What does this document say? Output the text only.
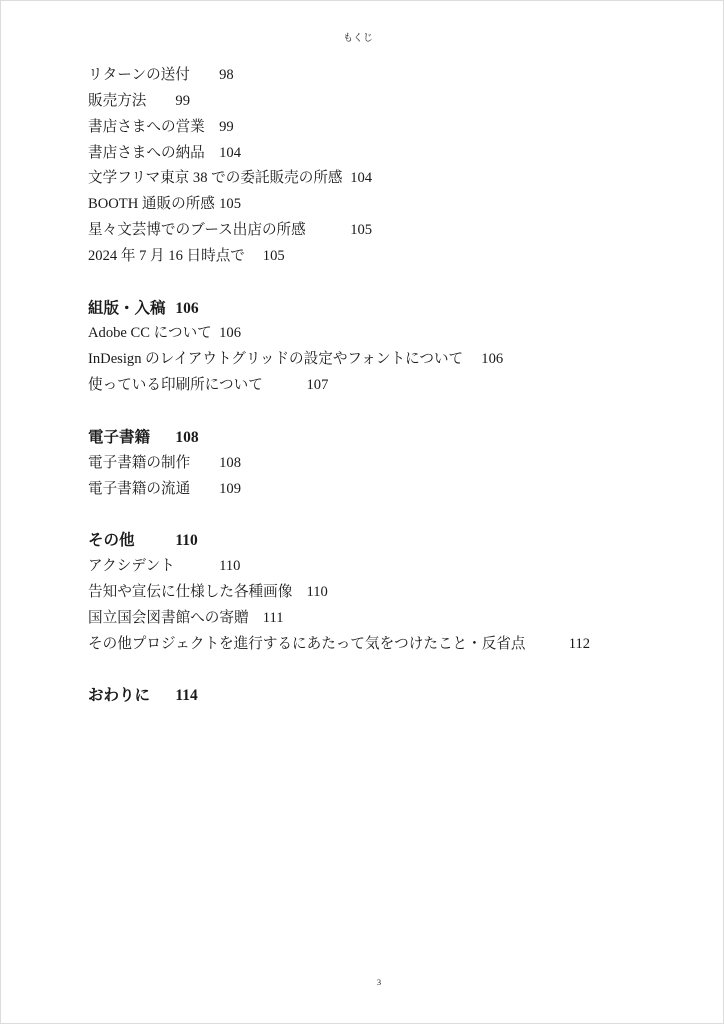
もくじ
リターンの送付 98
販売方法 99
書店さまへの営業 99
書店さまへの納品 104
文学フリマ東京 38 での委託販売の所感 104
BOOTH 通販の所感 105
星々文芸博でのブース出店の所感	105
2024 年 7 月 16 日時点で 105
組版・入稿 106
Adobe CC について 106
InDesign のレイアウトグリッドの設定やフォントについて 106
使っている印刷所について	107
電子書籍 108
電子書籍の制作 108
電子書籍の流通 109
その他	110
アクシデント	110
告知や宣伝に仕様した各種画像 110
国立国会図書館への寄贈 111
その他プロジェクトを進行するにあたって気をつけたこと・反省点	112
おわりに 114
3
